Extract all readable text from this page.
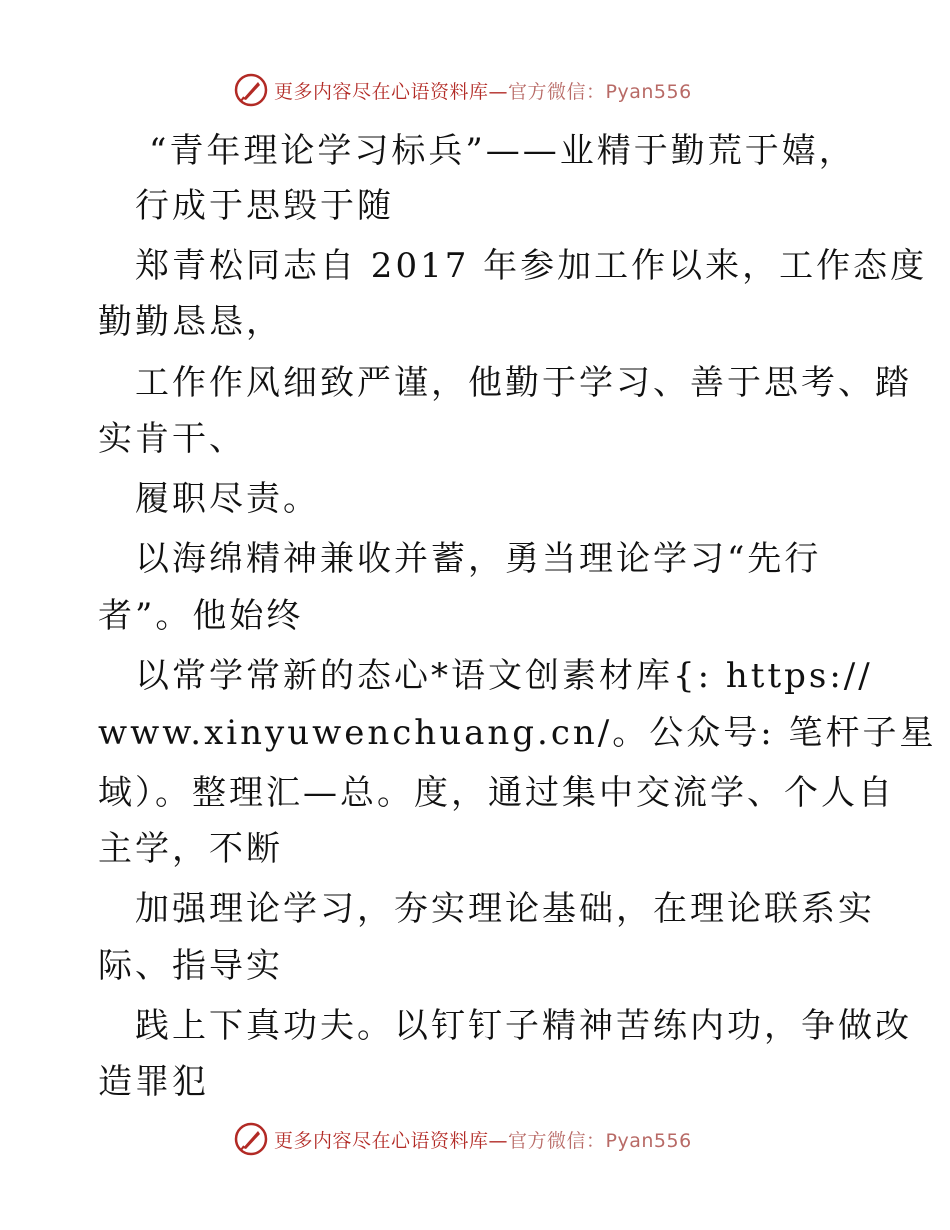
更多内容尽在心语资料库—官方微信：Pyan556
“青年理论学习标兵”——业精于勤荒于嬉，
行成于思毁于随
郑青松同志自 2017 年参加工作以来，工作态度
勤勤恳恳，
工作作风细致严谨，他勤于学习、善于思考、踏
实肯干、
履职尽责。
以海绵精神兼收并蓄，勇当理论学习“先行
者”。他始终
以常学常新的态心*语文创素材库{: https://
www.xinyuwenchuang.cn/。公众号: 笔杆子星
域）。整理汇—总。度，通过集中交流学、个人自
主学，不断
加强理论学习，夯实理论基础，在理论联系实
际、指导实
践上下真功夫。以钉钉子精神苦练内功，争做改
造罪犯
更多内容尽在心语资料库—官方微信：Pyan556
